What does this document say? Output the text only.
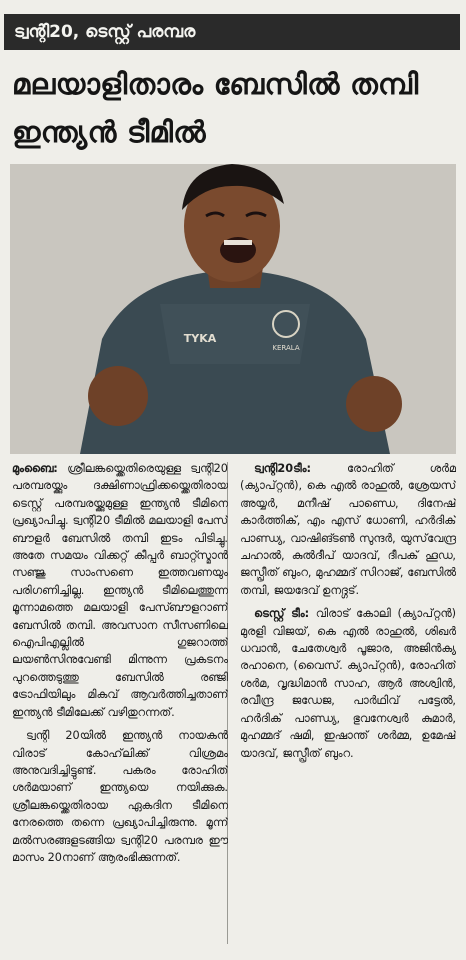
ട്വന്റി20, ടെസ്റ്റ് പരമ്പര
മലയാളിതാരം ബേസിൽ തമ്പി
ഇന്ത്യൻ ടീമിൽ
KERALA
TYKA

മുംബൈ: ശ്രീലങ്കയ്ക്കെതിരെയുള്ള ട്വന്റി20 പരമ്പരയ്ക്കും ദക്ഷിണാഫ്രിക്കയ്ക്കെതിരായ ടെസ്റ്റ് പരമ്പരയ്ക്കുമുള്ള ഇന്ത്യൻ ടീമിനെ പ്രഖ്യാപിച്ചു. ട്വന്റി20 ടീമിൽ മലയാളി പേസ് ബൗളർ ബേസിൽ തമ്പി ഇടം പിടിച്ചു. അതേ സമയം വിക്കറ്റ് കീപ്പർ ബാറ്റ്സ്മാൻ സഞ്ജു സാംസണെ ഇത്തവണയും പരിഗണിച്ചില്ല. ഇന്ത്യൻ ടീമിലെത്തുന്ന മൂന്നാമത്തെ മലയാളി പേസ്ബൗളറാണ് ബേസിൽ തമ്പി. അവസാന സീസണിലെ ഐപിഎല്ലിൽ ഗുജറാത്ത് ലയൺസിനുവേണ്ടി മിന്നുന്ന പ്രകടനം പുറത്തെടുത്തു ബേസിൽ രഞ്ജി ട്രോഫിയിലും മികവ് ആവർത്തിച്ചതാണ് ഇന്ത്യൻ ടീമിലേക്ക് വഴിതുറന്നത്.

ട്വന്റി 20യിൽ ഇന്ത്യൻ നായകൻ വിരാട് കോഹ്‌ലിക്ക് വിശ്രമം അനുവദിച്ചിട്ടുണ്ട്. പകരം രോഹിത് ശർമയാണ് ഇന്ത്യയെ നയിക്കുക. ശ്രീലങ്കയ്ക്കെതിരായ ഏകദിന ടീമിനെ നേരത്തെ തന്നെ പ്രഖ്യാപിച്ചിരുന്നു. മൂന്ന് മൽസരങ്ങളടങ്ങിയ ട്വന്റി20 പരമ്പര ഈ മാസം 20നാണ് ആരംഭിക്കുന്നത്.

ട്വന്റി20ടീം:	രോഹിത് ശർമ (ക്യാപ്റ്റൻ), കെ എൽ രാഹുൽ, ശ്രേയസ് അയ്യർ, മനീഷ് പാണ്ഡെ, ദിനേഷ് കാർത്തിക്, എം എസ് ധോണി, ഹർദിക് പാണ്ഡ്യ, വാഷിങ്ടൺ സുന്ദർ, യുസ്‌വേന്ദ്ര ചഹാൽ, കുൽദീപ് യാദവ്, ദീപക് ഹൂഡ, ജസ്പ്രീത് ബുംറ, മുഹമ്മദ് സിറാജ്, ബേസിൽ തമ്പി, ജയദേവ് ഉനദ്ഗട്.

ടെസ്റ്റ് ടീം: വിരാട് കോലി (ക്യാപ്റ്റൻ) മുരളി വിജയ്, കെ എൽ രാഹുൽ, ശിഖർ ധവാൻ, ചേതേശ്വർ പൂജാര, അജിൻക്യ രഹാനെ, (വൈസ്. ക്യാപ്റ്റൻ), രോഹിത് ശർമ, വൃദ്ധിമാൻ സാഹ, ആർ അശ്വിൻ, രവീന്ദ്ര ജഡേജ, പാർഥിവ് പട്ടേൽ, ഹർദിക് പാണ്ഡ്യ, ഭുവനേശ്വർ കുമാർ, മുഹമ്മദ് ഷമി, ഇഷാന്ത് ശർമ്മ, ഉമേഷ് യാദവ്, ജസ്പ്രീത് ബുംറ.
